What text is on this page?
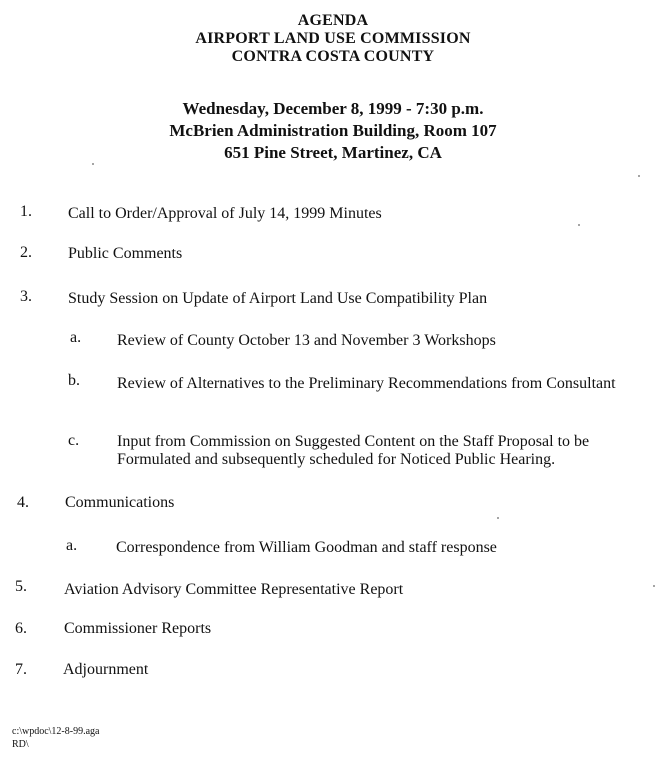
AGENDA
AIRPORT LAND USE COMMISSION
CONTRA COSTA COUNTY
Wednesday, December 8, 1999 - 7:30 p.m.
McBrien Administration Building, Room 107
651 Pine Street, Martinez, CA
1. Call to Order/Approval of July 14, 1999 Minutes
2. Public Comments
3. Study Session on Update of Airport Land Use Compatibility Plan
a. Review of County October 13 and November 3 Workshops
b. Review of Alternatives to the Preliminary Recommendations from Consultant
c. Input from Commission on Suggested Content on the Staff Proposal to be Formulated and subsequently scheduled for Noticed Public Hearing.
4. Communications
a. Correspondence from William Goodman and staff response
5. Aviation Advisory Committee Representative Report
6. Commissioner Reports
7. Adjournment
c:\wpdoc\12-8-99.aga
RD\
